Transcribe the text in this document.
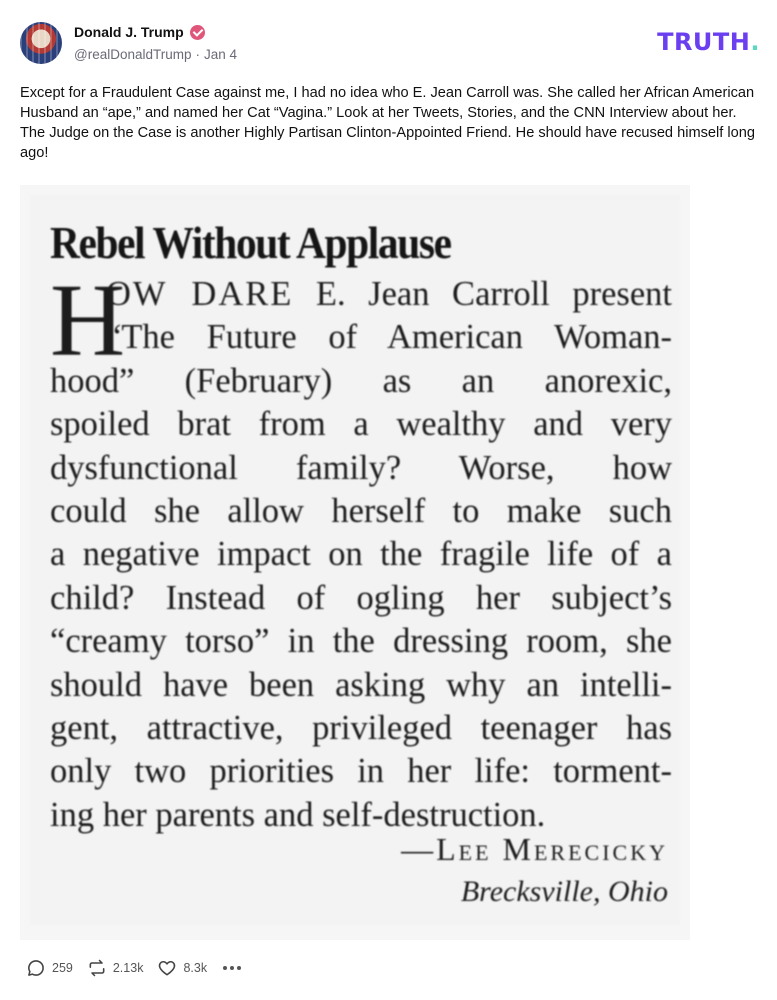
Donald J. Trump
@realDonaldTrump · Jan 4	TRUTH.
Except for a Fraudulent Case against me, I had no idea who E. Jean Carroll was. She called her African American Husband an “ape,” and named her Cat “Vagina.” Look at her Tweets, Stories, and the CNN Interview about her. The Judge on the Case is another Highly Partisan Clinton-Appointed Friend. He should have recused himself long ago!
Rebel Without Applause
H
OW DARE E. Jean Carroll present
“The Future of American Woman-
hood” (February) as an anorexic,
spoiled brat from a wealthy and very
dysfunctional family? Worse, how
could she allow herself to make such
a negative impact on the fragile life of a
child? Instead of ogling her subject’s
“creamy torso” in the dressing room, she
should have been asking why an intelli-
gent, attractive, privileged teenager has
only two priorities in her life: torment-
ing her parents and self-destruction.
—Lee Merecicky
Brecksville, Ohio
259	2.13k	8.3k
